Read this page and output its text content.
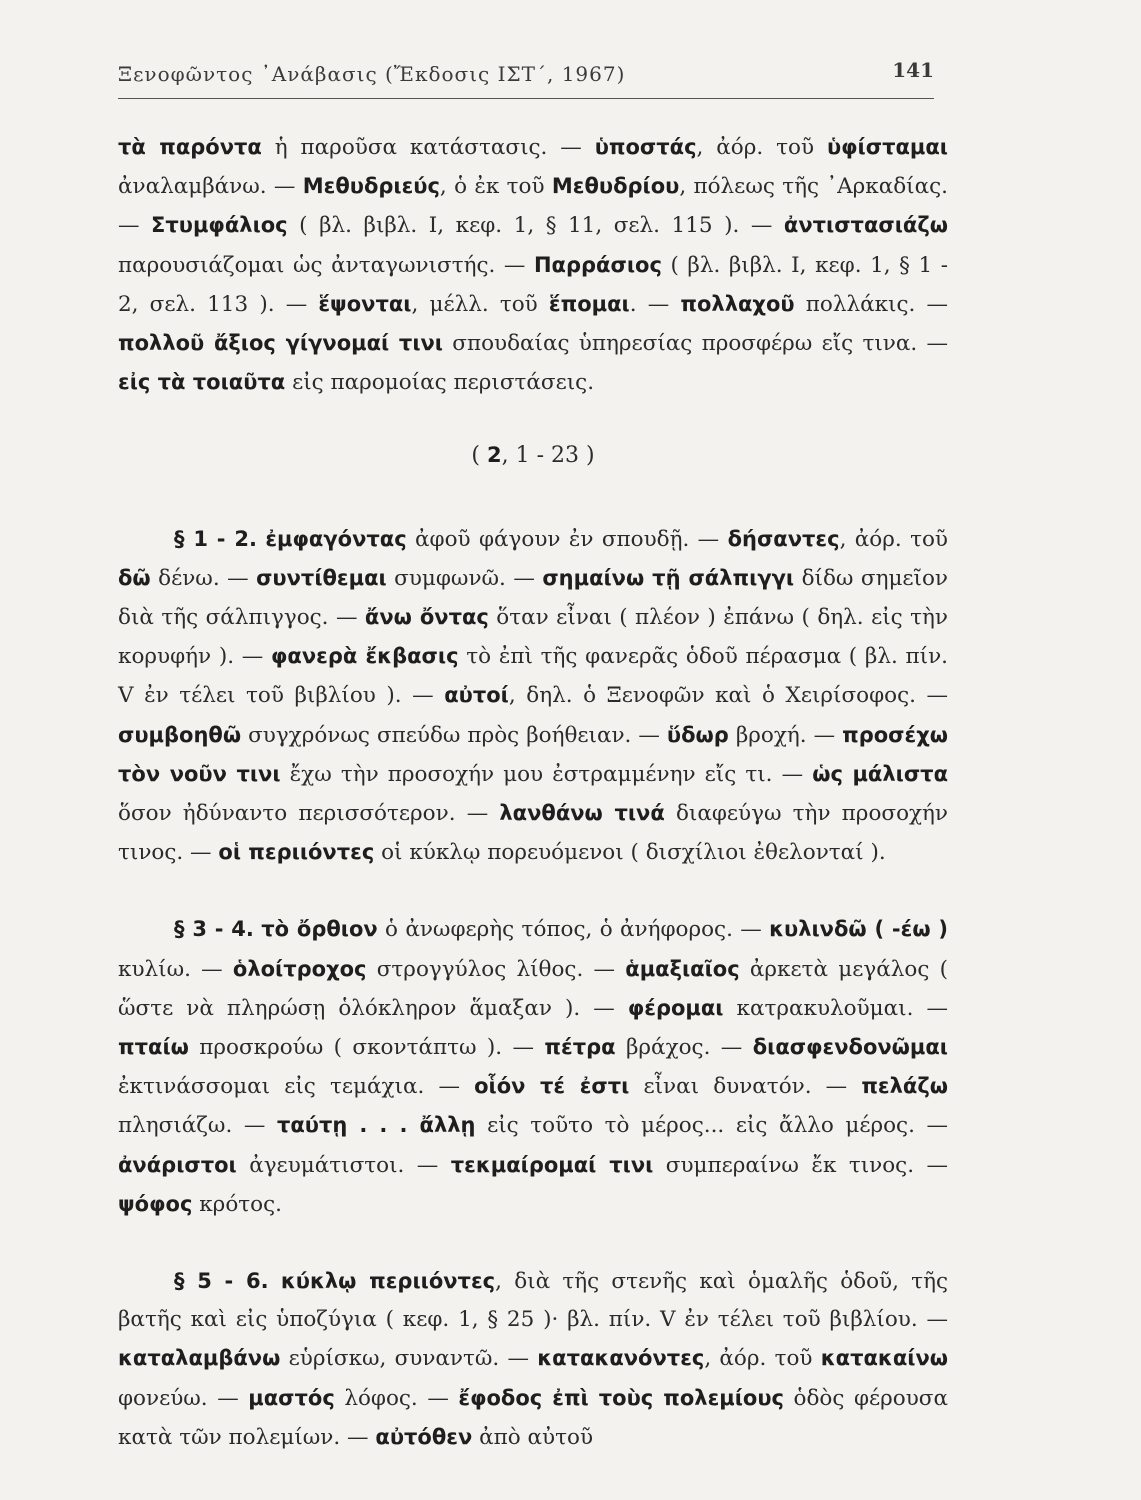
Ξενοφῶντος ᾿Ανάβασις (Ἔκδοσις ΙΣΤ΄, 1967)	141

τὰ παρόντα ἡ παροῦσα κατάστασις. — ὑποστάς, ἀόρ. τοῦ ὑφίσταμαι ἀναλαμβάνω. — Μεθυδριεύς, ὁ ἐκ τοῦ Μεθυδρίου, πόλεως τῆς ᾿Αρκαδίας. — Στυμφάλιος ( βλ. βιβλ. Ι, κεφ. 1, § 11, σελ. 115 ). — ἀντιστασιάζω παρουσιάζομαι ὡς ἀνταγωνιστής. — Παρράσιος ( βλ. βιβλ. Ι, κεφ. 1, § 1 - 2, σελ. 113 ). — ἕψονται, μέλλ. τοῦ ἕπομαι. — πολλαχοῦ πολλάκις. — πολλοῦ ἄξιος γίγνομαί τινι σπουδαίας ὑπηρεσίας προσφέρω εἴς τινα. — εἰς τὰ τοιαῦτα εἰς παρομοίας περιστάσεις.

( 2, 1 - 23 )

§ 1 - 2. ἐμφαγόντας ἀφοῦ φάγουν ἐν σπουδῇ. — δήσαντες, ἀόρ. τοῦ δῶ δένω. — συντίθεμαι συμφωνῶ. — σημαίνω τῇ σάλπιγγι δίδω σημεῖον διὰ τῆς σάλπιγγος. — ἄνω ὄντας ὅταν εἶναι ( πλέον ) ἐπάνω ( δηλ. εἰς τὴν κορυφήν ). — φανερὰ ἔκβασις τὸ ἐπὶ τῆς φανερᾶς ὁδοῦ πέρασμα ( βλ. πίν. V ἐν τέλει τοῦ βιβλίου ). — αὐτοί, δηλ. ὁ Ξενοφῶν καὶ ὁ Χειρίσοφος. — συμβοηθῶ συγχρόνως σπεύδω πρὸς βοήθειαν. — ὕδωρ βροχή. — προσέχω τὸν νοῦν τινι ἔχω τὴν προσοχήν μου ἐστραμμένην εἴς τι. — ὡς μάλιστα ὅσον ἠδύναντο περισσότερον. — λανθάνω τινά διαφεύγω τὴν προσοχήν τινος. — οἱ περιιόντες οἱ κύκλῳ πορευόμενοι ( δισχίλιοι ἐθελονταί ).

§ 3 - 4. τὸ ὄρθιον ὁ ἀνωφερὴς τόπος, ὁ ἀνήφορος. — κυλινδῶ ( -έω ) κυλίω. — ὁλοίτροχος στρογγύλος λίθος. — ἁμαξιαῖος ἀρκετὰ μεγάλος ( ὥστε νὰ πληρώσῃ ὁλόκληρον ἅμαξαν ). — φέρομαι κατρακυλοῦμαι. — πταίω προσκρούω ( σκοντάπτω ). — πέτρα βράχος. — διασφενδονῶμαι ἐκτινάσσομαι εἰς τεμάχια. — οἷόν τέ ἐστι εἶναι δυνατόν. — πελάζω πλησιάζω. — ταύτῃ . . . ἄλλῃ εἰς τοῦτο τὸ μέρος... εἰς ἄλλο μέρος. — ἀνάριστοι ἀγευμάτιστοι. — τεκμαίρομαί τινι συμπεραίνω ἔκ τινος. — ψόφος κρότος.

§ 5 - 6. κύκλῳ περιιόντες, διὰ τῆς στενῆς καὶ ὁμαλῆς ὁδοῦ, τῆς βατῆς καὶ εἰς ὑποζύγια ( κεφ. 1, § 25 )· βλ. πίν. V ἐν τέλει τοῦ βιβλίου. — καταλαμβάνω εὑρίσκω, συναντῶ. — κατακανόντες, ἀόρ. τοῦ κατακαίνω φονεύω. — μαστός λόφος. — ἔφοδος ἐπὶ τοὺς πολεμίους ὁδὸς φέρουσα κατὰ τῶν πολεμίων. — αὐτόθεν ἀπὸ αὐτοῦ
